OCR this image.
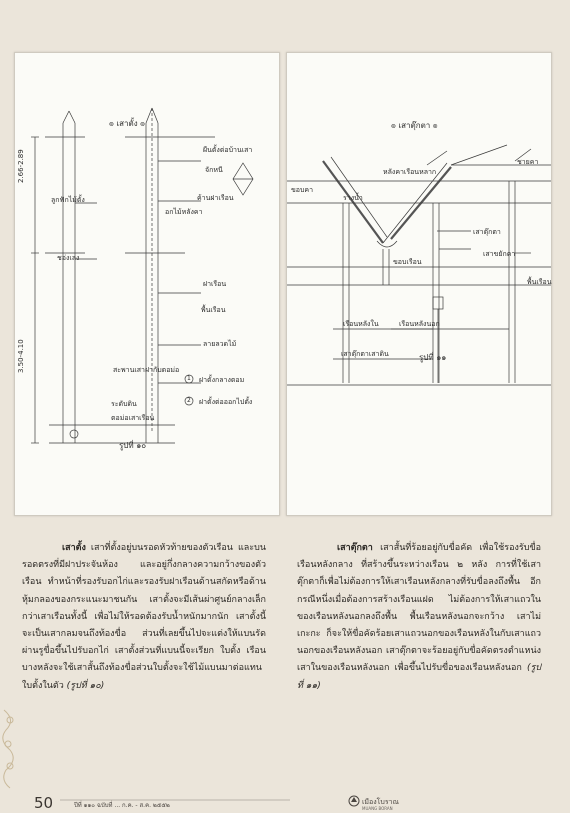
๏ เสาตั้ง ๏
ผืนตั้งต่อบ้านเสา
จักหนี
ค้านฝาเรือน
อกไม้หลังคา
ลูกฟักไม้ตั้ง
ชอ่งเลง
ฝาเรือน
พื้นเรือน
ลายลวดไม้
สะพานเสาฝากับตอม่อ
ระดับดิน
ตอม่อเสาเรือน
2.66-2.89
3.50-4.10
1 ฝาตั้งกลางตอม
2 ฝาตั้งต่อออกไปตั้ง
รูปที่ ๑๐
๏ เสาตุ๊กตา ๏
ชายคา
หลังคาเรือนหลาก
ขอบคา
รางน้ำ
เสาตุ๊กตา
ขอบเรือน
เสาขยักคา
พื้นเรือน
เรือนหลังใน	เรือนหลังนอก
เสาตุ๊กตาเสาดิน	รูปที่ ๑๑
เสาตั้ง เสาที่ตั้งอยู่บนรอดหัวท้ายของตัวเรือน และบนรอดตรงที่มีฝาประจันห้อง และอยู่กึ่งกลางความกว้างของตัวเรือน ทำหน้าที่รองรับอกไก่และรองรับฝาเรือนด้านสกัดหรือด้านหุ้มกลองของกระแนะมาชนกัน เสาตั้งจะมีเส้นผ่าศูนย์กลางเล็กกว่าเสาเรือนทั้งนี้ เพื่อไม่ให้รอดต้องรับน้ำหนักมากนัก เสาตั้งนี้จะเป็นเสากลมจนถึงท้องขื่อ ส่วนที่เลยขึ้นไปจะแต่งให้แบนรัดผ่านรูขื่อขึ้นไปรับอกไก่ เสาตั้งส่วนที่แบนนี้จะเรียก ใบตั้ง เรือนบางหลังจะใช้เสาสั้นถึงท้องขื่อส่วนใบตั้งจะใช้ไม้แบนมาต่อแทนใบตั้งในตัว (รูปที่ ๑๐)
เสาตุ๊กตา เสาสั้นที่ร้อยอยู่กับขื่อคัด เพื่อใช้รองรับขื่อเรือนหลังกลาง ที่สร้างขึ้นระหว่างเรือน ๒ หลัง การที่ใช้เสาตุ๊กตาก็เพื่อไม่ต้องการให้เสาเรือนหลังกลางที่รับขื่อลงถึงพื้น อีกกรณีหนึ่งเมื่อต้องการสร้างเรือนแฝด ไม่ต้องการให้เสาแถวในของเรือนหลังนอกลงถึงพื้น พื้นเรือนหลังนอกจะกว้าง เสาไม่เกะกะ ก็จะให้ขื่อคัดร้อยเสาแถวนอกของเรือนหลังในกับเสาแถวนอกของเรือนหลังนอก เสาตุ๊กตาจะร้อยอยู่กับขื่อคัดตรงตำแหน่งเสาในของเรือนหลังนอก เพื่อขึ้นไปรับขื่อของเรือนหลังนอก (รูปที่ ๑๑)
50	ปีที่ ๑๑๐ ฉบับที่ ... ก.ค. - ส.ค. ๒๕๕๒	เมืองโบราณ
MUANG BORAN
